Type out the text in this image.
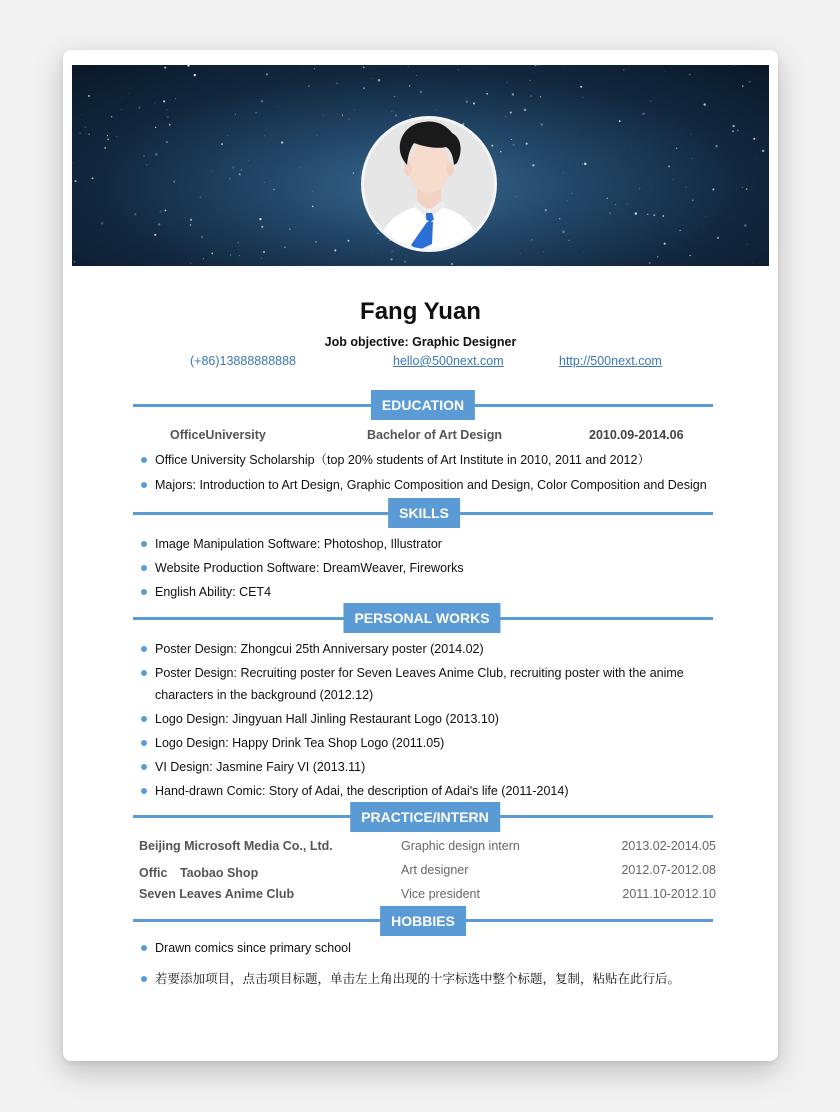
Fang Yuan
Job objective: Graphic Designer
(+86)13888888888	hello@500next.com	http://500next.com
EDUCATION
OfficeUniversity	Bachelor of Art Design	2010.09-2014.06
Office University Scholarship（top 20% students of Art Institute in 2010, 2011 and 2012）
Majors: Introduction to Art Design, Graphic Composition and Design, Color Composition and Design
SKILLS
Image Manipulation Software: Photoshop, Illustrator
Website Production Software: DreamWeaver, Fireworks
English Ability: CET4
PERSONAL WORKS
Poster Design: Zhongcui 25th Anniversary poster (2014.02)
Poster Design: Recruiting poster for Seven Leaves Anime Club, recruiting poster with the anime
characters in the background (2012.12)
Logo Design: Jingyuan Hall Jinling Restaurant Logo (2013.10)
Logo Design: Happy Drink Tea Shop Logo (2011.05)
VI Design: Jasmine Fairy VI (2013.11)
Hand-drawn Comic: Story of Adai, the description of Adai's life (2011-2014)
PRACTICE/INTERN
Beijing Microsoft Media Co., Ltd.	Graphic design intern	2013.02-2014.05
Offic　Taobao Shop	Art designer	2012.07-2012.08
Seven Leaves Anime Club	Vice president	2011.10-2012.10
HOBBIES
Drawn comics since primary school
若要添加项目，点击项目标题，单击左上角出现的十字标选中整个标题，复制，粘贴在此行后。
